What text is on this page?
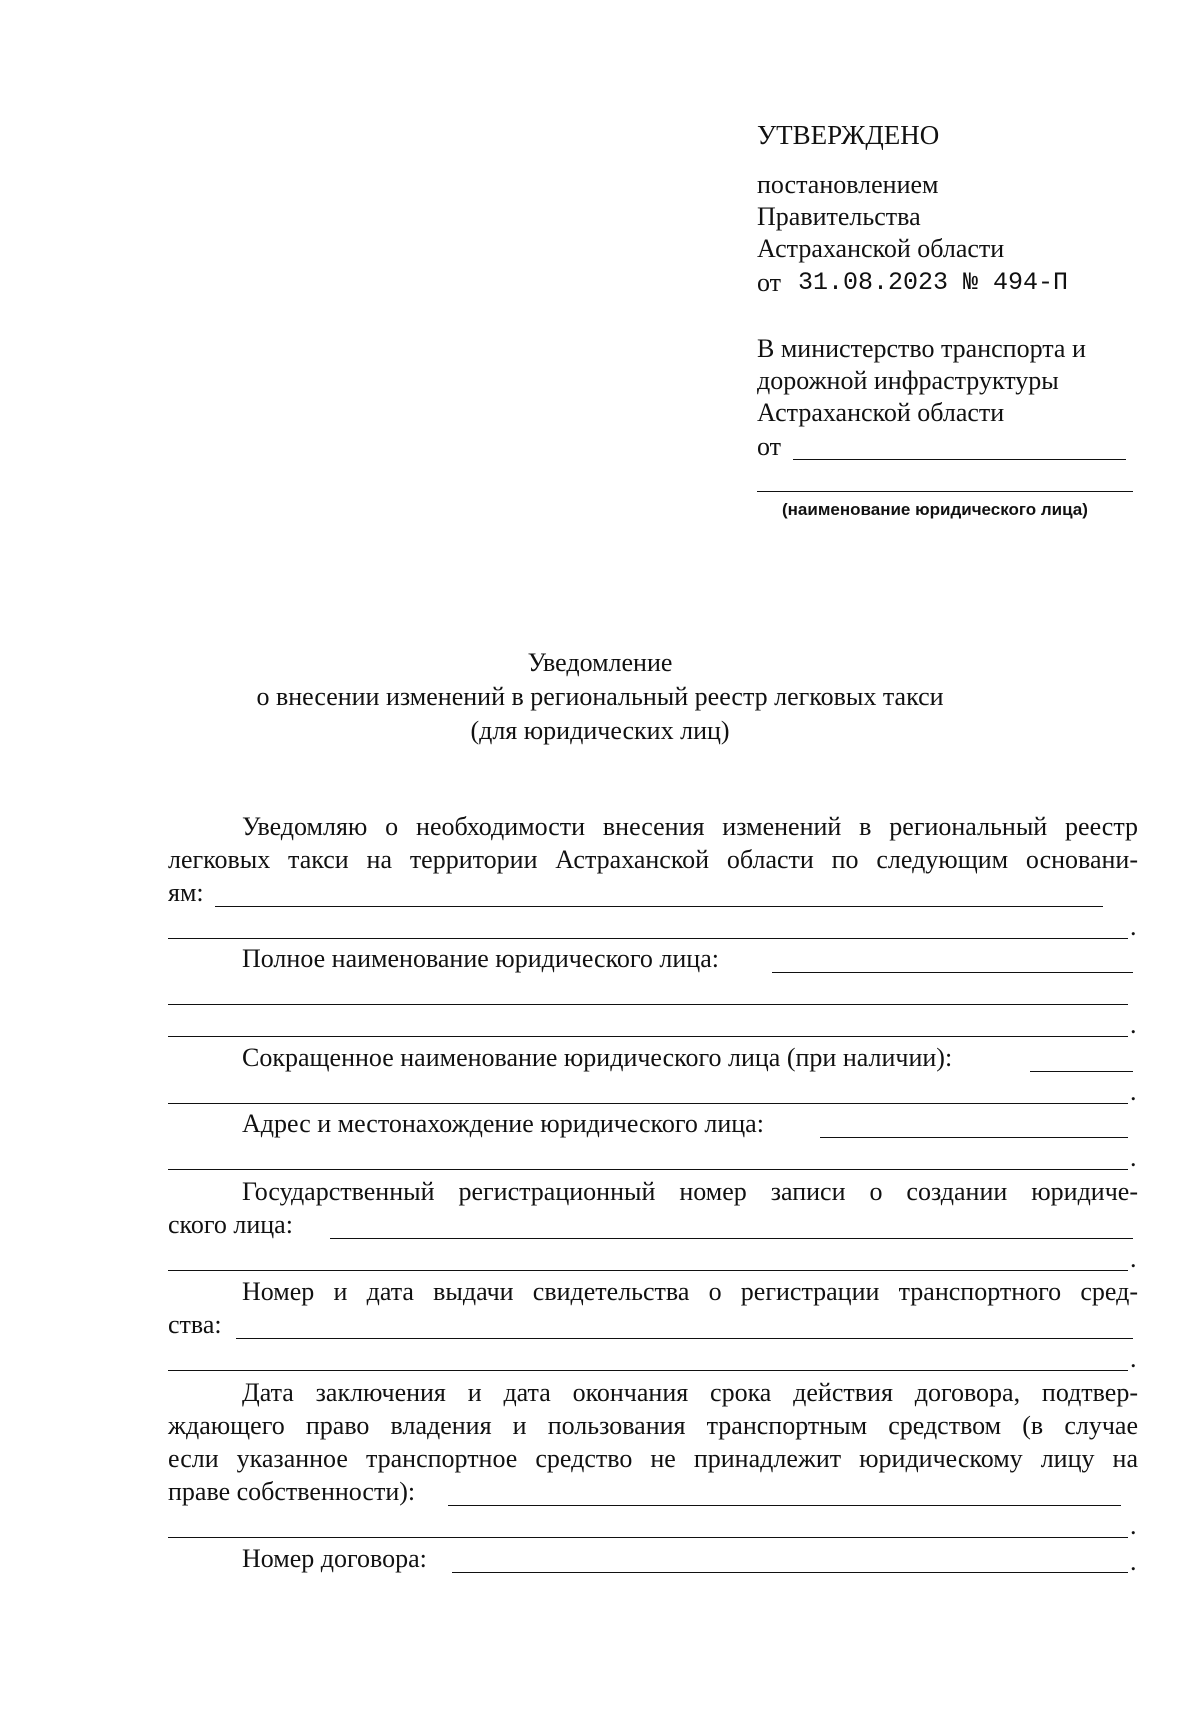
УТВЕРЖДЕНО
постановлением
Правительства
Астраханской области
от 31.08.2023 № 494-П
В министерство транспорта и
дорожной инфраструктуры
Астраханской области
от
(наименование юридического лица)
Уведомление
о внесении изменений в региональный реестр легковых такси
(для юридических лиц)
Уведомляю о необходимости внесения изменений в региональный реестр
легковых такси на территории Астраханской области по следующим основани-
ям:
.
Полное наименование юридического лица:
.
Сокращенное наименование юридического лица (при наличии):
.
Адрес и местонахождение юридического лица:
.
Государственный регистрационный номер записи о создании юридиче-
ского лица:
.
Номер и дата выдачи свидетельства о регистрации транспортного сред-
ства:
.
Дата заключения и дата окончания срока действия договора, подтвер-
ждающего право владения и пользования транспортным средством (в случае
если указанное транспортное средство не принадлежит юридическому лицу на
праве собственности):
.
Номер договора:	.
